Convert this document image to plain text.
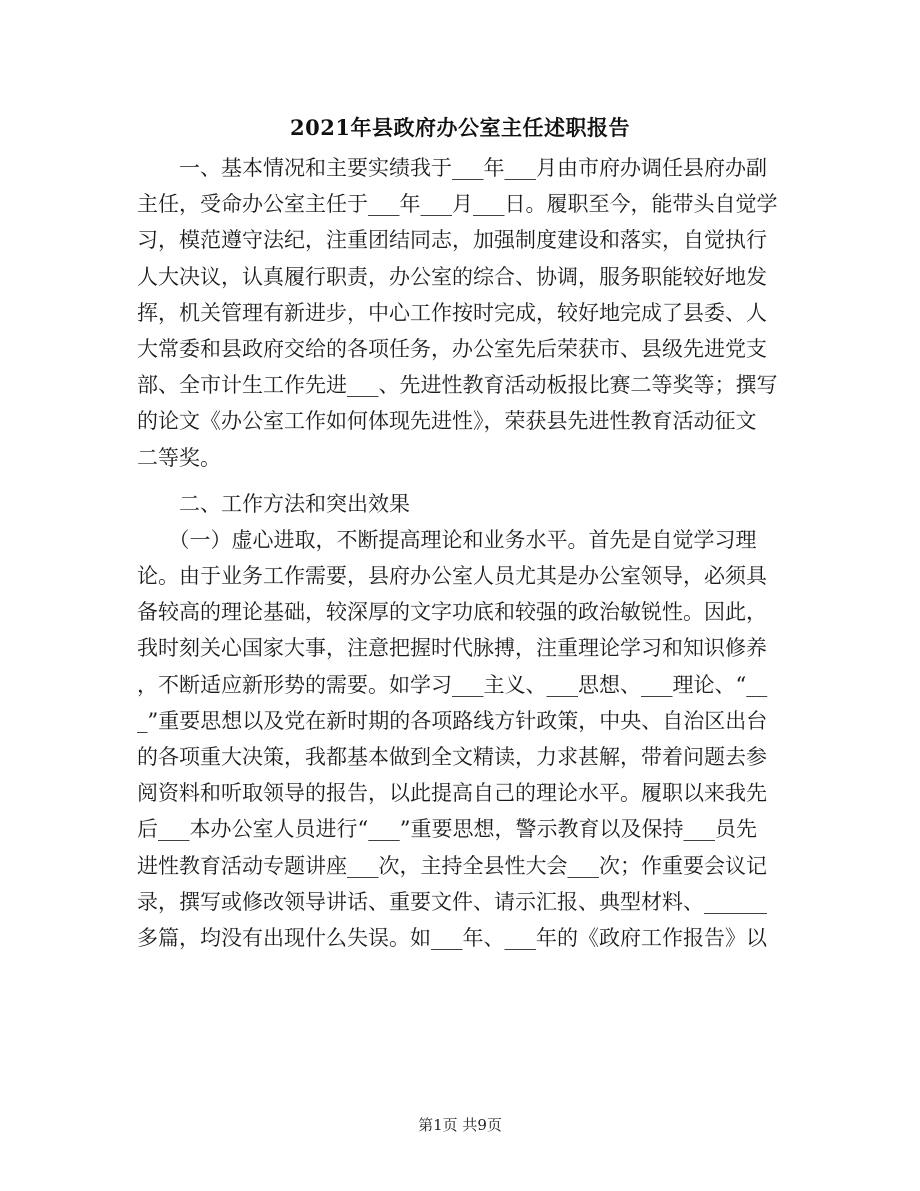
2021年县政府办公室主任述职报告
　　一、基本情况和主要实绩我于___年___月由市府办调任县府办副
主任，受命办公室主任于___年___月___日。履职至今，能带头自觉学
习，模范遵守法纪，注重团结同志，加强制度建设和落实，自觉执行
人大决议，认真履行职责，办公室的综合、协调，服务职能较好地发
挥，机关管理有新进步，中心工作按时完成，较好地完成了县委、人
大常委和县政府交给的各项任务，办公室先后荣获市、县级先进党支
部、全市计生工作先进___、先进性教育活动板报比赛二等奖等；撰写
的论文《办公室工作如何体现先进性》，荣获县先进性教育活动征文
二等奖。
　　二、工作方法和突出效果
　　（一）虚心进取，不断提高理论和业务水平。首先是自觉学习理
论。由于业务工作需要，县府办公室人员尤其是办公室领导，必须具
备较高的理论基础，较深厚的文字功底和较强的政治敏锐性。因此，
我时刻关心国家大事，注意把握时代脉搏，注重理论学习和知识修养
，不断适应新形势的需要。如学习___主义、___思想、___理论、“__
_”重要思想以及党在新时期的各项路线方针政策，中央、自治区出台
的各项重大决策，我都基本做到全文精读，力求甚解，带着问题去参
阅资料和听取领导的报告，以此提高自己的理论水平。履职以来我先
后___本办公室人员进行“___”重要思想，警示教育以及保持___员先
进性教育活动专题讲座___次，主持全县性大会___次；作重要会议记
录，撰写或修改领导讲话、重要文件、请示汇报、典型材料、______
多篇，均没有出现什么失误。如___年、___年的《政府工作报告》以
第1页 共9页
